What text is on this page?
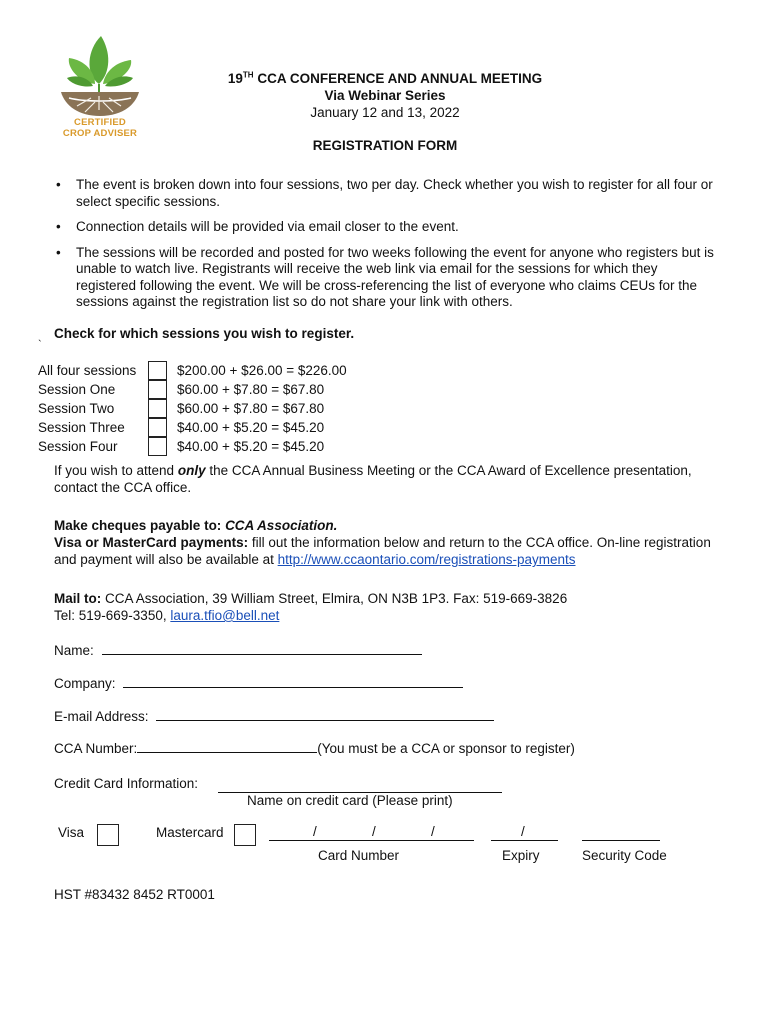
CERTIFIED
CROP ADVISER
19TH CCA CONFERENCE AND ANNUAL MEETING
Via Webinar Series
January 12 and 13, 2022
REGISTRATION FORM
• The event is broken down into four sessions, two per day. Check whether you wish to register for all four or select specific sessions.
• Connection details will be provided via email closer to the event.
• The sessions will be recorded and posted for two weeks following the event for anyone who registers but is unable to watch live. Registrants will receive the web link via email for the sessions for which they registered following the event. We will be cross-referencing the list of everyone who claims CEUs for the sessions against the registration list so do not share your link with others.
Check for which sessions you wish to register.
`
All four sessions	$200.00 + $26.00 = $226.00
Session One	$60.00 + $7.80 = $67.80
Session Two	$60.00 + $7.80 = $67.80
Session Three	$40.00 + $5.20 = $45.20
Session Four	$40.00 + $5.20 = $45.20
If you wish to attend only the CCA Annual Business Meeting or the CCA Award of Excellence presentation, contact the CCA office.
Make cheques payable to: CCA Association.
Visa or MasterCard payments: fill out the information below and return to the CCA office. On-line registration and payment will also be available at http://www.ccaontario.com/registrations-payments
Mail to: CCA Association, 39 William Street, Elmira, ON N3B 1P3. Fax: 519-669-3826
Tel: 519-669-3350, laura.tfio@bell.net
Name:
Company:
E-mail Address:
CCA Number:	(You must be a CCA or sponsor to register)
Credit Card Information:
Name on credit card (Please print)
Visa	Mastercard	/	/	/
Card Number
/
Expiry	Security Code
HST #83432 8452 RT0001
